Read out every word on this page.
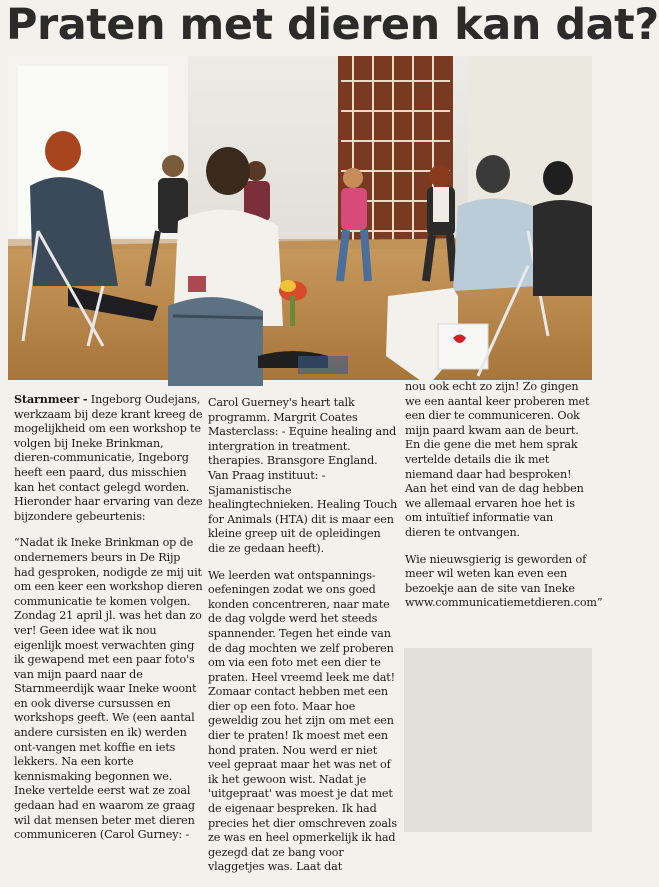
Praten met dieren kan dat?

Starnmeer - Ingeborg Oudejans, werkzaam bij deze krant kreeg de mogelijkheid om een workshop te volgen bij Ineke Brinkman, dieren-communicatie, Ingeborg heeft een paard, dus misschien kan het contact gelegd worden. Hieronder haar ervaring van deze bijzondere gebeurtenis:

“Nadat ik Ineke Brinkman op de ondernemers beurs in De Rijp had gesproken, nodigde ze mij uit om een keer een workshop dieren communicatie te komen volgen. Zondag 21 april jl. was het dan zo ver! Geen idee wat ik nou eigenlijk moest verwachten ging ik gewapend met een paar foto's van mijn paard naar de Starnmeerdijk waar Ineke woont en ook diverse cursussen en workshops geeft. We (een aantal andere cursisten en ik) werden ont-vangen met koffie en iets lekkers. Na een korte kennismaking begonnen we. Ineke vertelde eerst wat ze zoal gedaan had en waarom ze graag wil dat mensen beter met dieren communiceren (Carol Gurney: -

Carol Guerney's heart talk programm. Margrit Coates Masterclass: - Equine healing and intergration in treatment. therapies. Bransgore England. Van Praag instituut: - Sjamanistische healingtechnieken. Healing Touch for Animals (HTA) dit is maar een kleine greep uit de opleidingen die ze gedaan heeft).

We leerden wat ontspannings-oefeningen zodat we ons goed konden concentreren, naar mate de dag volgde werd het steeds spannender. Tegen het einde van de dag mochten we zelf proberen om via een foto met een dier te praten. Heel vreemd leek me dat! Zomaar contact hebben met een dier op een foto. Maar hoe geweldig zou het zijn om met een dier te praten! Ik moest met een hond praten. Nou werd er niet veel gepraat maar het was net of ik het gewoon wist. Nadat je 'uitgepraat' was moest je dat met de eigenaar bespreken. Ik had precies het dier omschreven zoals ze was en heel opmerkelijk ik had gezegd dat ze bang voor vlaggetjes was. Laat dat

nou ook echt zo zijn! Zo gingen we een aantal keer proberen met een dier te communiceren. Ook mijn paard kwam aan de beurt. En die gene die met hem sprak vertelde details die ik met niemand daar had besproken! Aan het eind van de dag hebben we allemaal ervaren hoe het is om intuïtief informatie van dieren te ontvangen.

Wie nieuwsgierig is geworden of meer wil weten kan even een bezoekje aan de site van Ineke www.communicatiemetdieren.com”
